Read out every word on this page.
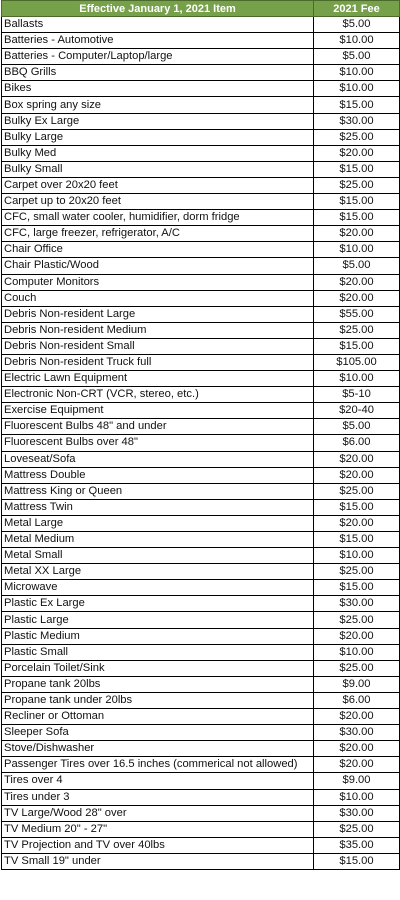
Effective January 1, 2021 Item	2021 Fee
Ballasts	$5.00
Batteries - Automotive	$10.00
Batteries - Computer/Laptop/large	$5.00
BBQ Grills	$10.00
Bikes	$10.00
Box spring any size	$15.00
Bulky Ex Large	$30.00
Bulky Large	$25.00
Bulky Med	$20.00
Bulky Small	$15.00
Carpet over 20x20 feet	$25.00
Carpet up to 20x20 feet	$15.00
CFC, small water cooler, humidifier, dorm fridge	$15.00
CFC, large freezer, refrigerator, A/C	$20.00
Chair Office	$10.00
Chair Plastic/Wood	$5.00
Computer Monitors	$20.00
Couch	$20.00
Debris Non-resident Large	$55.00
Debris Non-resident Medium	$25.00
Debris Non-resident Small	$15.00
Debris Non-resident Truck full	$105.00
Electric Lawn Equipment	$10.00
Electronic Non-CRT (VCR, stereo, etc.)	$5-10
Exercise Equipment	$20-40
Fluorescent Bulbs 48" and under	$5.00
Fluorescent Bulbs over 48"	$6.00
Loveseat/Sofa	$20.00
Mattress Double	$20.00
Mattress King or Queen	$25.00
Mattress Twin	$15.00
Metal Large	$20.00
Metal Medium	$15.00
Metal Small	$10.00
Metal XX Large	$25.00
Microwave	$15.00
Plastic Ex Large	$30.00
Plastic Large	$25.00
Plastic Medium	$20.00
Plastic Small	$10.00
Porcelain Toilet/Sink	$25.00
Propane tank 20lbs	$9.00
Propane tank under 20lbs	$6.00
Recliner or Ottoman	$20.00
Sleeper Sofa	$30.00
Stove/Dishwasher	$20.00
Passenger Tires over 16.5 inches (commerical not allowed)	$20.00
Tires over 4	$9.00
Tires under 3	$10.00
TV Large/Wood 28" over	$30.00
TV Medium 20" - 27"	$25.00
TV Projection and TV over 40lbs	$35.00
TV Small 19" under	$15.00
